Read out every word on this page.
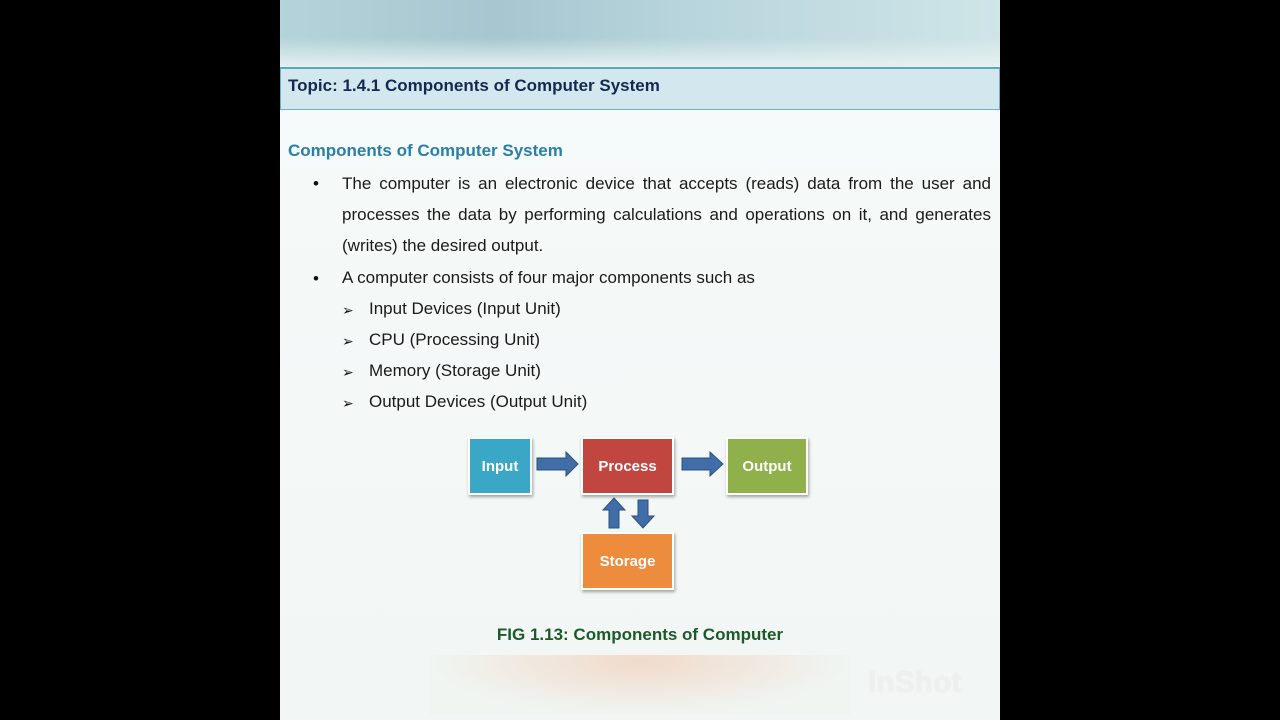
Topic: 1.4.1 Components of Computer System
Components of Computer System
• The computer is an electronic device that accepts (reads) data from the user and processes the data by performing calculations and operations on it, and generates (writes) the desired output.
• A computer consists of four major components such as
➢ Input Devices (Input Unit)
➢ CPU (Processing Unit)
➢ Memory (Storage Unit)
➢ Output Devices (Output Unit)
Input	Process	Output
Storage
FIG 1.13: Components of Computer
InShot
